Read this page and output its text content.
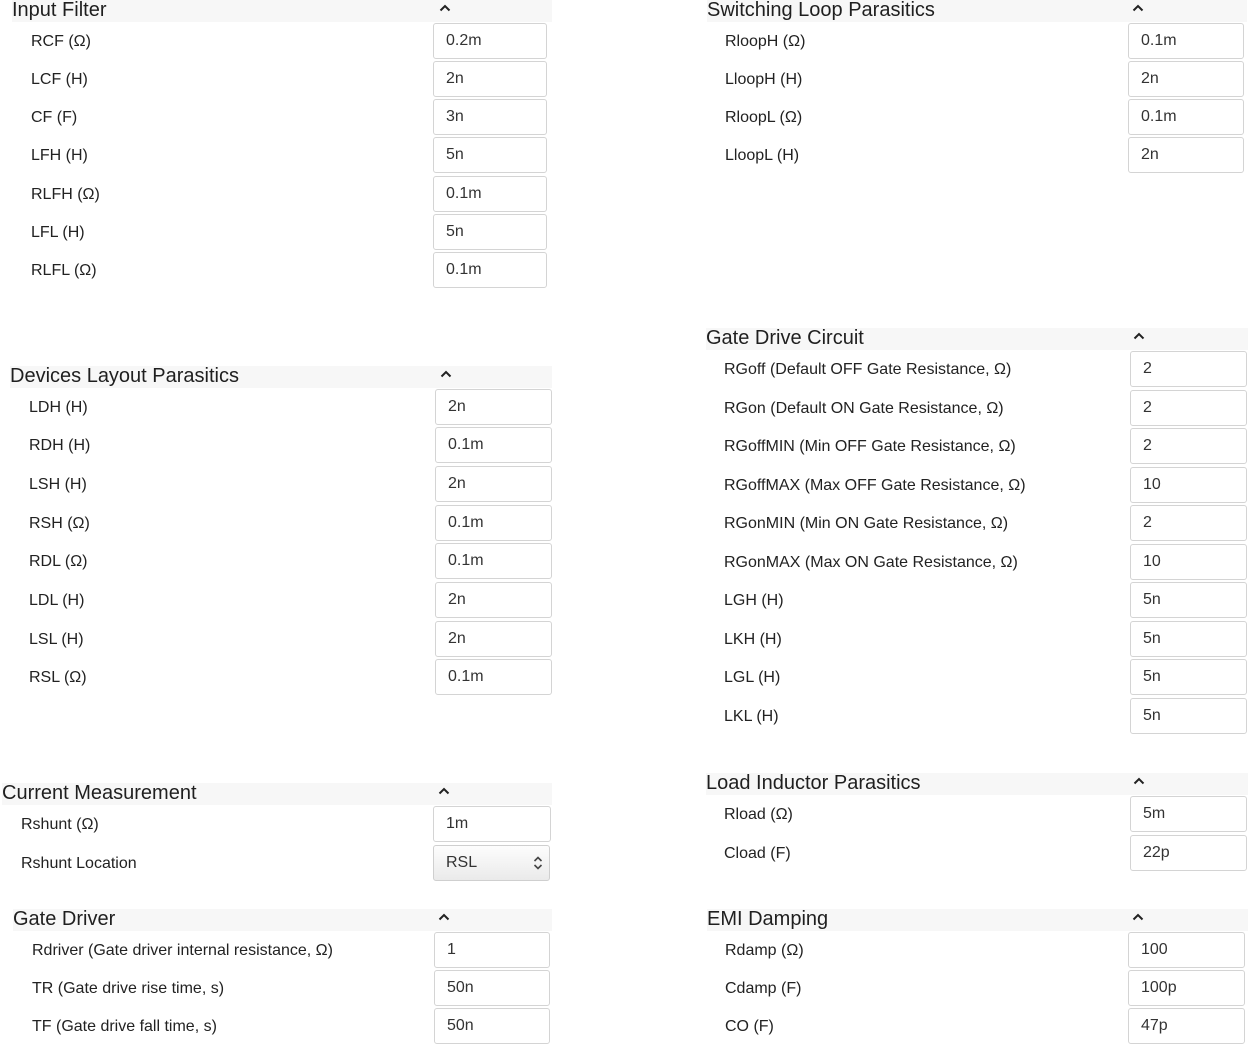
Input Filter
RCF (Ω)
0.2m
LCF (H)
2n
CF (F)
3n
LFH (H)
5n
RLFH (Ω)
0.1m
LFL (H)
5n
RLFL (Ω)
0.1m
Switching Loop Parasitics
RloopH (Ω)
0.1m
LloopH (H)
2n
RloopL (Ω)
0.1m
LloopL (H)
2n
Devices Layout Parasitics
LDH (H)
2n
RDH (H)
0.1m
LSH (H)
2n
RSH (Ω)
0.1m
RDL (Ω)
0.1m
LDL (H)
2n
LSL (H)
2n
RSL (Ω)
0.1m
Gate Drive Circuit
RGoff (Default OFF Gate Resistance, Ω)
2
RGon (Default ON Gate Resistance, Ω)
2
RGoffMIN (Min OFF Gate Resistance, Ω)
2
RGoffMAX (Max OFF Gate Resistance, Ω)
10
RGonMIN (Min ON Gate Resistance, Ω)
2
RGonMAX (Max ON Gate Resistance, Ω)
10
LGH (H)
5n
LKH (H)
5n
LGL (H)
5n
LKL (H)
5n
Current Measurement
Rshunt (Ω)
1m
Rshunt Location	RSL
Load Inductor Parasitics
Rload (Ω)
5m
Cload (F)
22p
Gate Driver
Rdriver (Gate driver internal resistance, Ω)
1
TR (Gate drive rise time, s)
50n
TF (Gate drive fall time, s)
50n
EMI Damping
Rdamp (Ω)
100
Cdamp (F)
100p
CO (F)
47p
